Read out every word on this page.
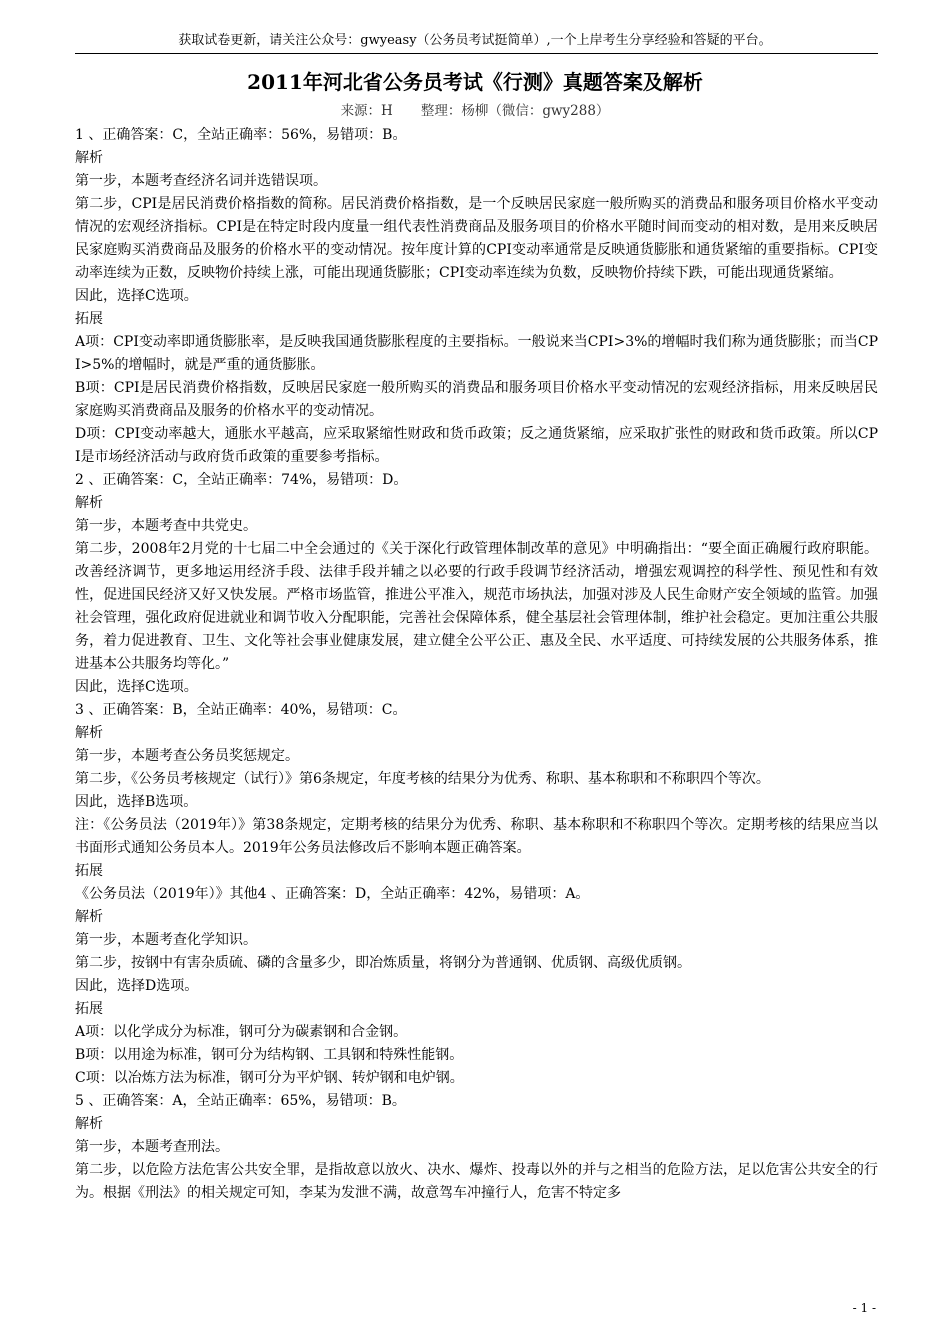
获取试卷更新，请关注公众号：gwyeasy（公务员考试挺简单）,一个上岸考生分享经验和答疑的平台。
2011年河北省公务员考试《行测》真题答案及解析
来源：H 整理：杨柳（微信：gwy288）

1 、正确答案：C，全站正确率：56%，易错项：B。

解析

第一步，本题考查经济名词并选错误项。

第二步，CPI是居民消费价格指数的简称。居民消费价格指数，是一个反映居民家庭一般所购买的消费品和服务项目价格水平变动情况的宏观经济指标。CPI是在特定时段内度量一组代表性消费商品及服务项目的价格水平随时间而变动的相对数，是用来反映居民家庭购买消费商品及服务的价格水平的变动情况。按年度计算的CPI变动率通常是反映通货膨胀和通货紧缩的重要指标。CPI变动率连续为正数，反映物价持续上涨，可能出现通货膨胀；CPI变动率连续为负数，反映物价持续下跌，可能出现通货紧缩。

因此，选择C选项。

拓展

A项：CPI变动率即通货膨胀率，是反映我国通货膨胀程度的主要指标。一般说来当CPI>3%的增幅时我们称为通货膨胀；而当CPI>5%的增幅时，就是严重的通货膨胀。

B项：CPI是居民消费价格指数，反映居民家庭一般所购买的消费品和服务项目价格水平变动情况的宏观经济指标，用来反映居民家庭购买消费商品及服务的价格水平的变动情况。

D项：CPI变动率越大，通胀水平越高，应采取紧缩性财政和货币政策；反之通货紧缩，应采取扩张性的财政和货币政策。所以CPI是市场经济活动与政府货币政策的重要参考指标。

2 、正确答案：C，全站正确率：74%，易错项：D。

解析

第一步，本题考查中共党史。

第二步，2008年2月党的十七届二中全会通过的《关于深化行政管理体制改革的意见》中明确指出：“要全面正确履行政府职能。改善经济调节，更多地运用经济手段、法律手段并辅之以必要的行政手段调节经济活动，增强宏观调控的科学性、预见性和有效性，促进国民经济又好又快发展。严格市场监管，推进公平准入，规范市场执法，加强对涉及人民生命财产安全领域的监管。加强社会管理，强化政府促进就业和调节收入分配职能，完善社会保障体系，健全基层社会管理体制，维护社会稳定。更加注重公共服务，着力促进教育、卫生、文化等社会事业健康发展，建立健全公平公正、惠及全民、水平适度、可持续发展的公共服务体系，推进基本公共服务均等化。”

因此，选择C选项。

3 、正确答案：B，全站正确率：40%，易错项：C。

解析

第一步，本题考查公务员奖惩规定。

第二步，《公务员考核规定（试行）》第6条规定，年度考核的结果分为优秀、称职、基本称职和不称职四个等次。

因此，选择B选项。

注：《公务员法（2019年）》第38条规定，定期考核的结果分为优秀、称职、基本称职和不称职四个等次。定期考核的结果应当以书面形式通知公务员本人。2019年公务员法修改后不影响本题正确答案。

拓展

《公务员法（2019年）》其他4 、正确答案：D，全站正确率：42%，易错项：A。

解析

第一步，本题考查化学知识。

第二步，按钢中有害杂质硫、磷的含量多少，即冶炼质量，将钢分为普通钢、优质钢、高级优质钢。

因此，选择D选项。

拓展

A项：以化学成分为标准，钢可分为碳素钢和合金钢。

B项：以用途为标准，钢可分为结构钢、工具钢和特殊性能钢。

C项：以冶炼方法为标准，钢可分为平炉钢、转炉钢和电炉钢。

5 、正确答案：A，全站正确率：65%，易错项：B。

解析

第一步，本题考查刑法。

第二步，以危险方法危害公共安全罪，是指故意以放火、决水、爆炸、投毒以外的并与之相当的危险方法，足以危害公共安全的行为。根据《刑法》的相关规定可知，李某为发泄不满，故意驾车冲撞行人，危害不特定多

- 1 -
